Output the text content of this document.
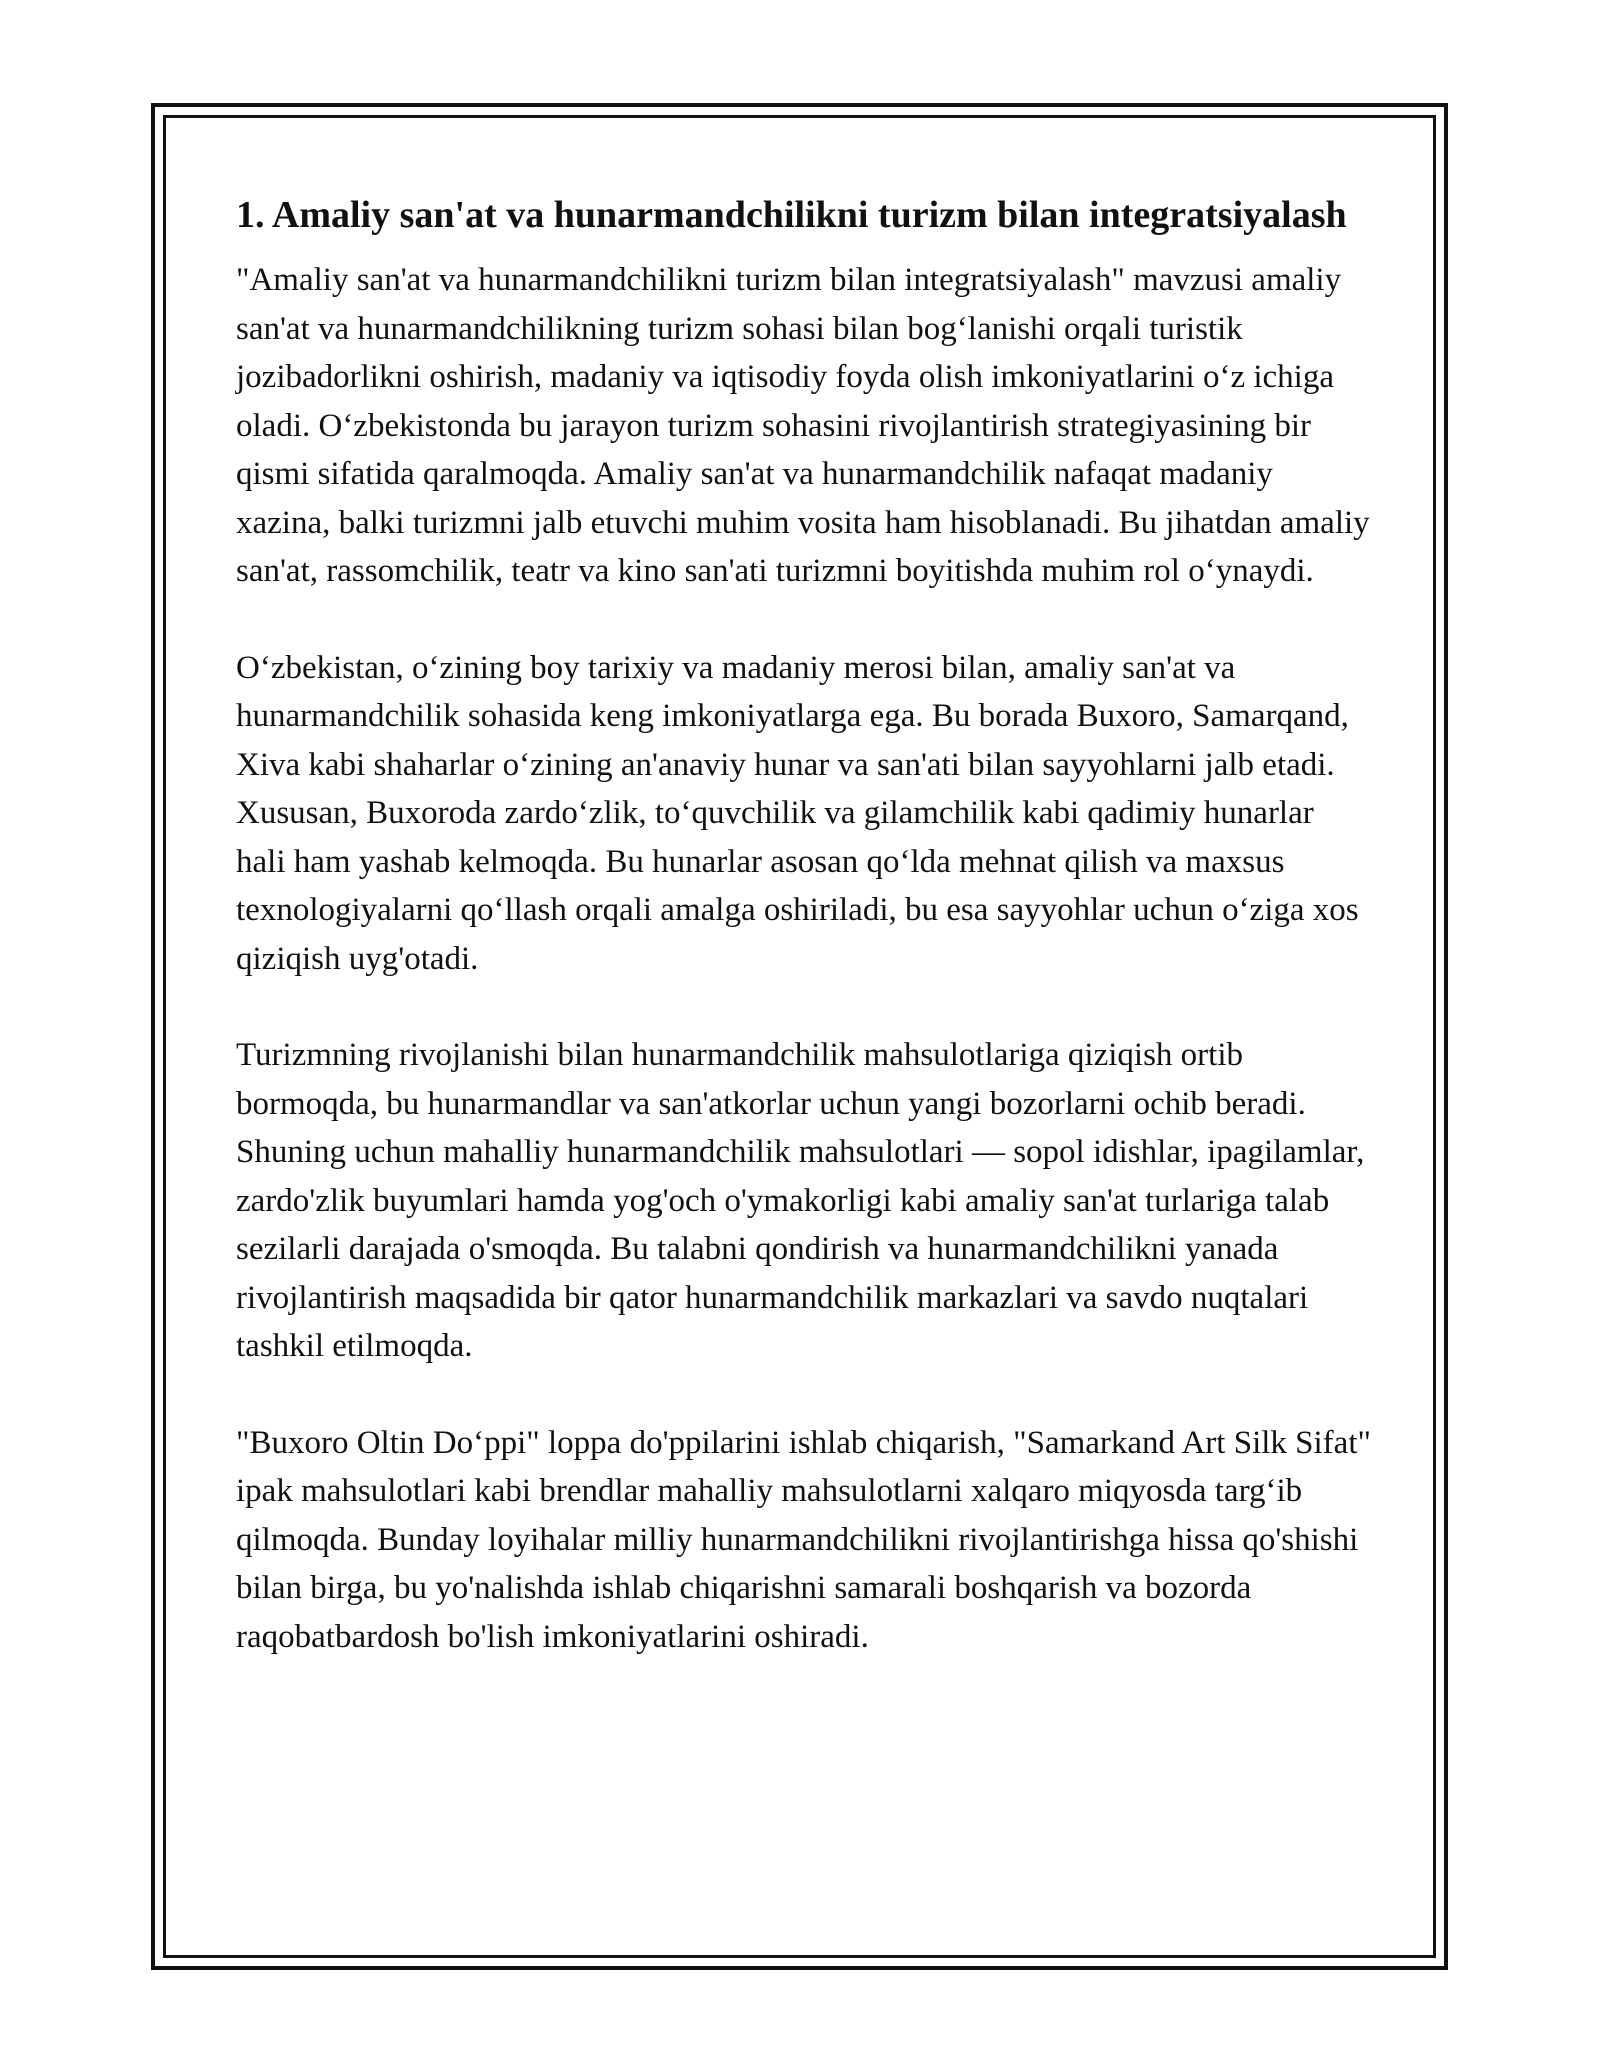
1. Amaliy san'at va hunarmandchilikni turizm bilan integratsiyalash

"Amaliy san'at va hunarmandchilikni turizm bilan integratsiyalash" mavzusi amaliy san'at va hunarmandchilikning turizm sohasi bilan bog‘lanishi orqali turistik jozibadorlikni oshirish, madaniy va iqtisodiy foyda olish imkoniyatlarini o‘z ichiga oladi. O‘zbekistonda bu jarayon turizm sohasini rivojlantirish strategiyasining bir qismi sifatida qaralmoqda. Amaliy san'at va hunarmandchilik nafaqat madaniy xazina, balki turizmni jalb etuvchi muhim vosita ham hisoblanadi. Bu jihatdan amaliy san'at, rassomchilik, teatr va kino san'ati turizmni boyitishda muhim rol o‘ynaydi.

O‘zbekistan, o‘zining boy tarixiy va madaniy merosi bilan, amaliy san'at va hunarmandchilik sohasida keng imkoniyatlarga ega. Bu borada Buxoro, Samarqand, Xiva kabi shaharlar o‘zining an'anaviy hunar va san'ati bilan sayyohlarni jalb etadi. Xususan, Buxoroda zardo‘zlik, to‘quvchilik va gilamchilik kabi qadimiy hunarlar hali ham yashab kelmoqda. Bu hunarlar asosan qo‘lda mehnat qilish va maxsus texnologiyalarni qo‘llash orqali amalga oshiriladi, bu esa sayyohlar uchun o‘ziga xos qiziqish uyg'otadi.

Turizmning rivojlanishi bilan hunarmandchilik mahsulotlariga qiziqish ortib bormoqda, bu hunarmandlar va san'atkorlar uchun yangi bozorlarni ochib beradi. Shuning uchun mahalliy hunarmandchilik mahsulotlari — sopol idishlar, ipagilamlar, zardo'zlik buyumlari hamda yog'och o'ymakorligi kabi amaliy san'at turlariga talab sezilarli darajada o'smoqda. Bu talabni qondirish va hunarmandchilikni yanada rivojlantirish maqsadida bir qator hunarmandchilik markazlari va savdo nuqtalari tashkil etilmoqda.

"Buxoro Oltin Do‘ppi" loppa do'ppilarini ishlab chiqarish, "Samarkand Art Silk Sifat" ipak mahsulotlari kabi brendlar mahalliy mahsulotlarni xalqaro miqyosda targ‘ib qilmoqda. Bunday loyihalar milliy hunarmandchilikni rivojlantirishga hissa qo'shishi bilan birga, bu yo'nalishda ishlab chiqarishni samarali boshqarish va bozorda raqobatbardosh bo'lish imkoniyatlarini oshiradi.
